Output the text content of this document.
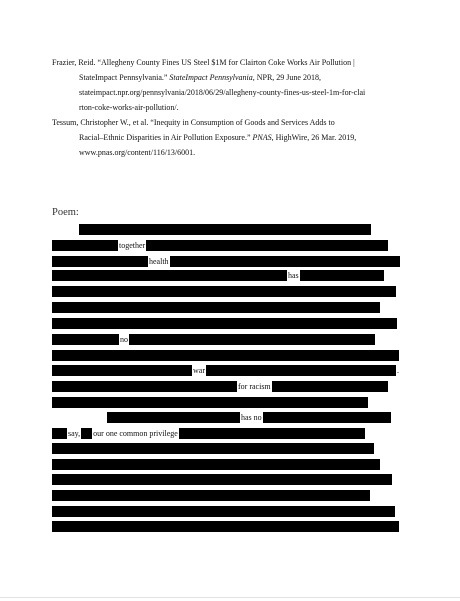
Frazier, Reid. “Allegheny County Fines US Steel $1M for Clairton Coke Works Air Pollution |
StateImpact Pennsylvania.” StateImpact Pennsylvania, NPR, 29 June 2018,
stateimpact.npr.org/pennsylvania/2018/06/29/allegheny-county-fines-us-steel-1m-for-clai
rton-coke-works-air-pollution/.
Tessum, Christopher W., et al. “Inequity in Consumption of Goods and Services Adds to
Racial–Ethnic Disparities in Air Pollution Exposure.” PNAS, HighWire, 26 Mar. 2019,
www.pnas.org/content/116/13/6001.
Poem:
together
health
has
no
war	.
for racism
has no
say, our one common privilege
